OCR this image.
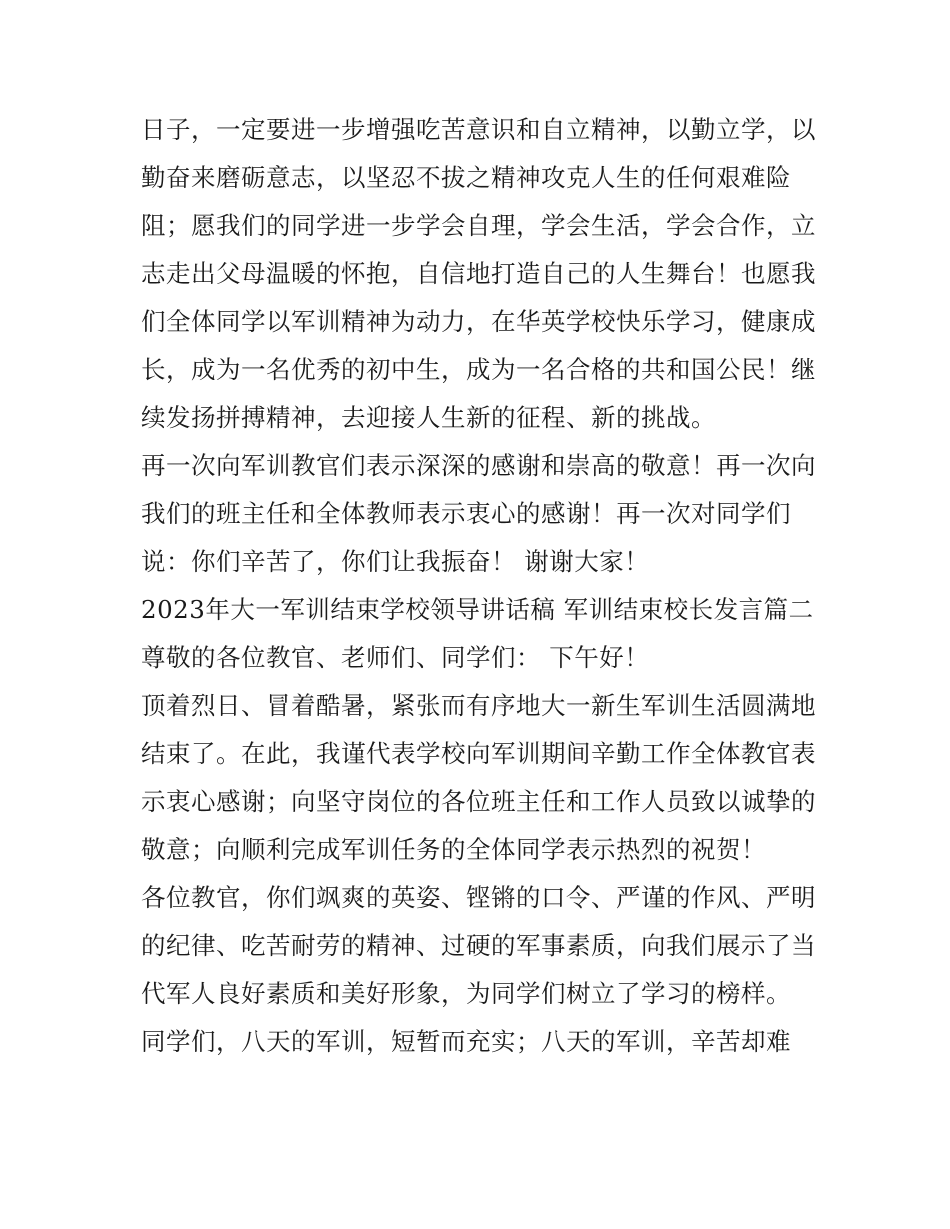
日子，一定要进一步增强吃苦意识和自立精神，以勤立学，以
勤奋来磨砺意志，以坚忍不拔之精神攻克人生的任何艰难险
阻；愿我们的同学进一步学会自理，学会生活，学会合作，立
志走出父母温暖的怀抱，自信地打造自己的人生舞台！也愿我
们全体同学以军训精神为动力，在华英学校快乐学习，健康成
长，成为一名优秀的初中生，成为一名合格的共和国公民！继
续发扬拼搏精神，去迎接人生新的征程、新的挑战。
再一次向军训教官们表示深深的感谢和崇高的敬意！再一次向
我们的班主任和全体教师表示衷心的感谢！再一次对同学们
说：你们辛苦了，你们让我振奋！ 谢谢大家！
2023年大一军训结束学校领导讲话稿 军训结束校长发言篇二
尊敬的各位教官、老师们、同学们： 下午好！
顶着烈日、冒着酷暑，紧张而有序地大一新生军训生活圆满地
结束了。在此，我谨代表学校向军训期间辛勤工作全体教官表
示衷心感谢；向坚守岗位的各位班主任和工作人员致以诚挚的
敬意；向顺利完成军训任务的全体同学表示热烈的祝贺！
各位教官，你们飒爽的英姿、铿锵的口令、严谨的作风、严明
的纪律、吃苦耐劳的精神、过硬的军事素质，向我们展示了当
代军人良好素质和美好形象，为同学们树立了学习的榜样。
同学们，八天的军训，短暂而充实；八天的军训，辛苦却难
